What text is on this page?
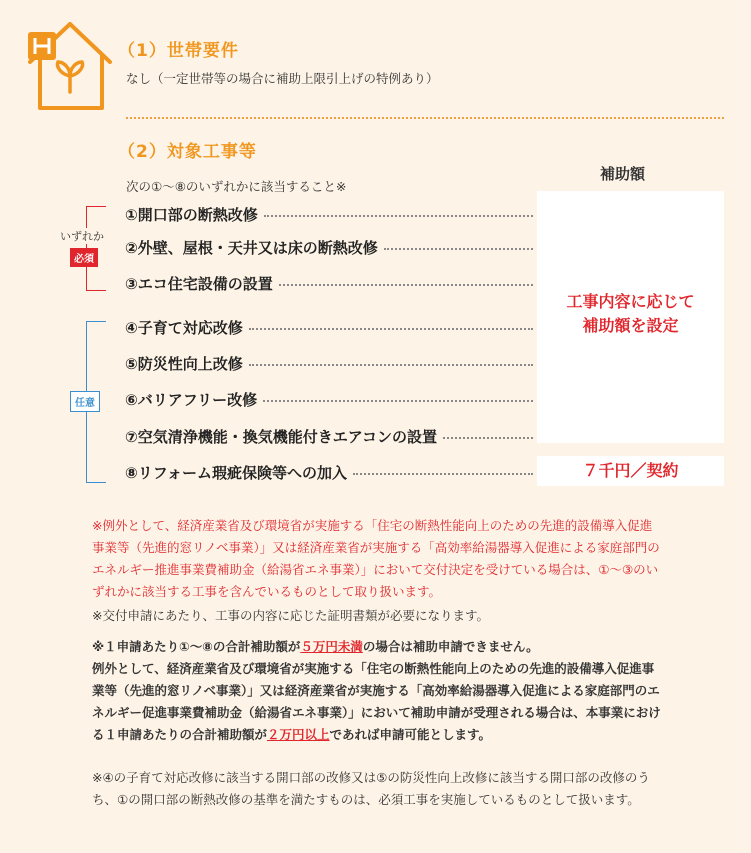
（1）世帯要件
なし（一定世帯等の場合に補助上限引上げの特例あり）
（2）対象工事等
次の①～⑧のいずれかに該当すること※
補助額
いずれか
必須
任意
①開口部の断熱改修
②外壁、屋根・天井又は床の断熱改修
③エコ住宅設備の設置
④子育て対応改修
⑤防災性向上改修
⑥バリアフリー改修
⑦空気清浄機能・換気機能付きエアコンの設置
⑧リフォーム瑕疵保険等への加入
工事内容に応じて
補助額を設定
７千円／契約
※例外として、経済産業省及び環境省が実施する「住宅の断熱性能向上のための先進的設備導入促進事業等（先進的窓リノベ事業）」又は経済産業省が実施する「高効率給湯器導入促進による家庭部門のエネルギー推進事業費補助金（給湯省エネ事業）」において交付決定を受けている場合は、①～③のいずれかに該当する工事を含んでいるものとして取り扱います。
※交付申請にあたり、工事の内容に応じた証明書類が必要になります。
※１申請あたり①～⑧の合計補助額が５万円未満の場合は補助申請できません。
例外として、経済産業省及び環境省が実施する「住宅の断熱性能向上のための先進的設備導入促進事業等（先進的窓リノベ事業）」又は経済産業省が実施する「高効率給湯器導入促進による家庭部門のエネルギー促進事業費補助金（給湯省エネ事業）」において補助申請が受理される場合は、本事業における１申請あたりの合計補助額が２万円以上であれば申請可能とします。
※④の子育て対応改修に該当する開口部の改修又は⑤の防災性向上改修に該当する開口部の改修のうち、①の開口部の断熱改修の基準を満たすものは、必須工事を実施しているものとして扱います。
